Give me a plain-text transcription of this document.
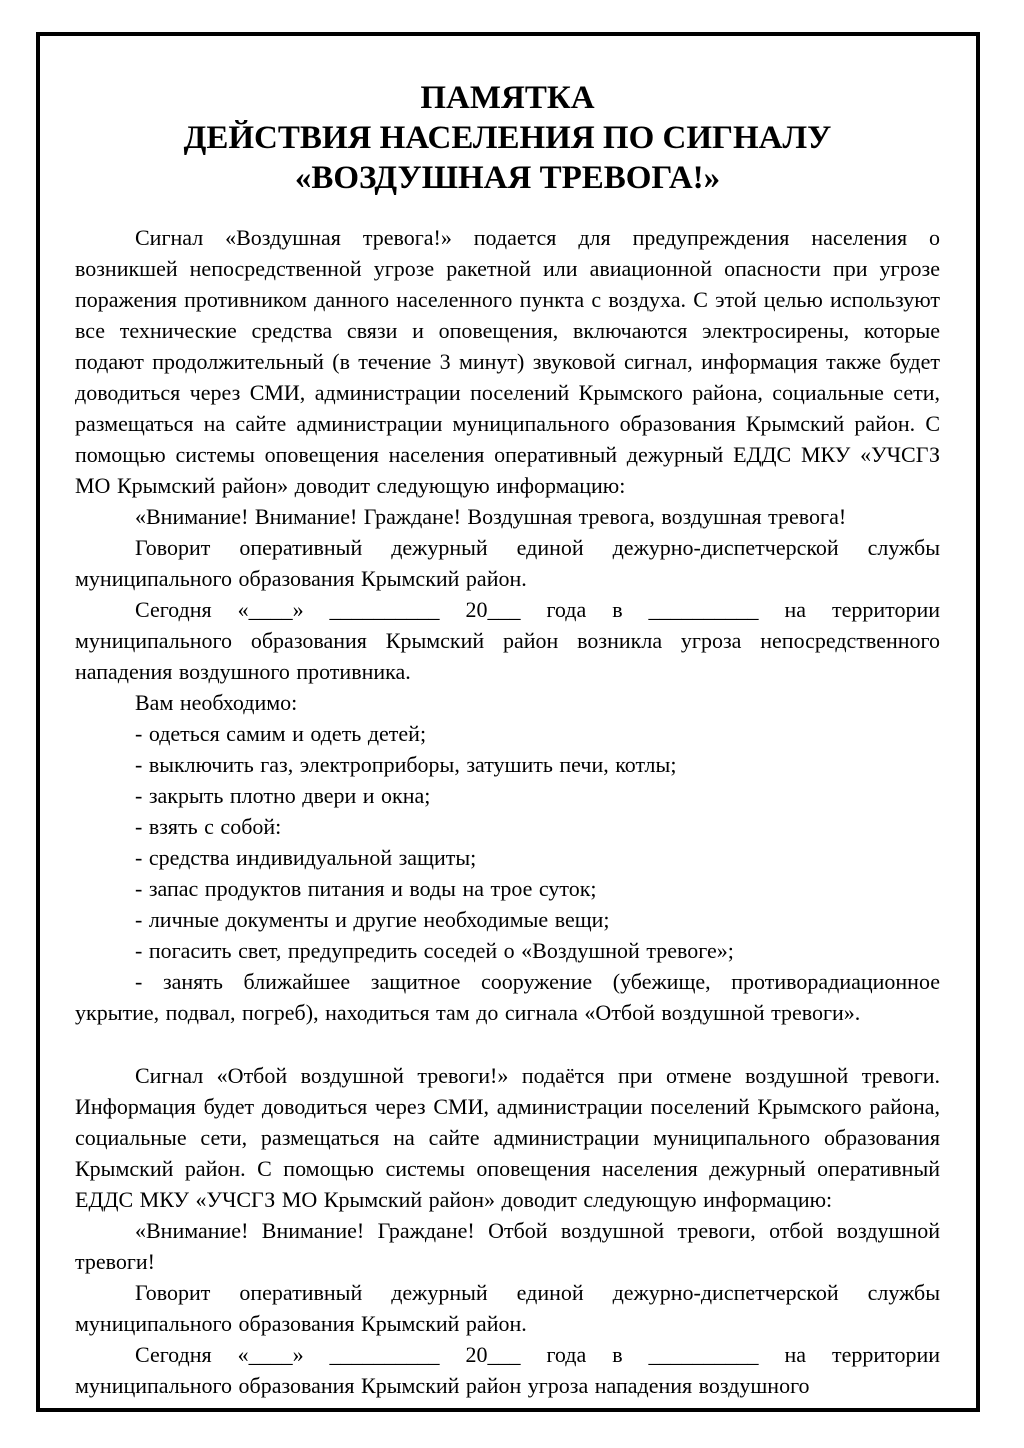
ПАМЯТКА
ДЕЙСТВИЯ НАСЕЛЕНИЯ ПО СИГНАЛУ
«ВОЗДУШНАЯ ТРЕВОГА!»

Сигнал «Воздушная тревога!» подается для предупреждения населения о возникшей непосредственной угрозе ракетной или авиационной опасности при угрозе поражения противником данного населенного пункта с воздуха. С этой целью используют все технические средства связи и оповещения, включаются электросирены, которые подают продолжительный (в течение 3 минут) звуковой сигнал, информация также будет доводиться через СМИ, администрации поселений Крымского района, социальные сети, размещаться на сайте администрации муниципального образования Крымский район. С помощью системы оповещения населения оперативный дежурный ЕДДС МКУ «УЧСГЗ МО Крымский район» доводит следующую информацию:

«Внимание! Внимание! Граждане! Воздушная тревога, воздушная тревога!

Говорит оперативный дежурный единой дежурно-диспетчерской службы муниципального образования Крымский район.

Сегодня «____» __________ 20___ года в __________ на территории муниципального образования Крымский район возникла угроза непосредственного нападения воздушного противника.

Вам необходимо:

- одеться самим и одеть детей;

- выключить газ, электроприборы, затушить печи, котлы;

- закрыть плотно двери и окна;

- взять с собой:

- средства индивидуальной защиты;

- запас продуктов питания и воды на трое суток;

- личные документы и другие необходимые вещи;

- погасить свет, предупредить соседей о «Воздушной тревоге»;

- занять ближайшее защитное сооружение (убежище, противорадиационное укрытие, подвал, погреб), находиться там до сигнала «Отбой воздушной тревоги».

Сигнал «Отбой воздушной тревоги!» подаётся при отмене воздушной тревоги. Информация будет доводиться через СМИ, администрации поселений Крымского района, социальные сети, размещаться на сайте администрации муниципального образования Крымский район. С помощью системы оповещения населения дежурный оперативный ЕДДС МКУ «УЧСГЗ МО Крымский район» доводит следующую информацию:

«Внимание! Внимание! Граждане! Отбой воздушной тревоги, отбой воздушной тревоги!

Говорит оперативный дежурный единой дежурно-диспетчерской службы муниципального образования Крымский район.

Сегодня «____» __________ 20___ года в __________ на территории муниципального образования Крымский район угроза нападения воздушного
